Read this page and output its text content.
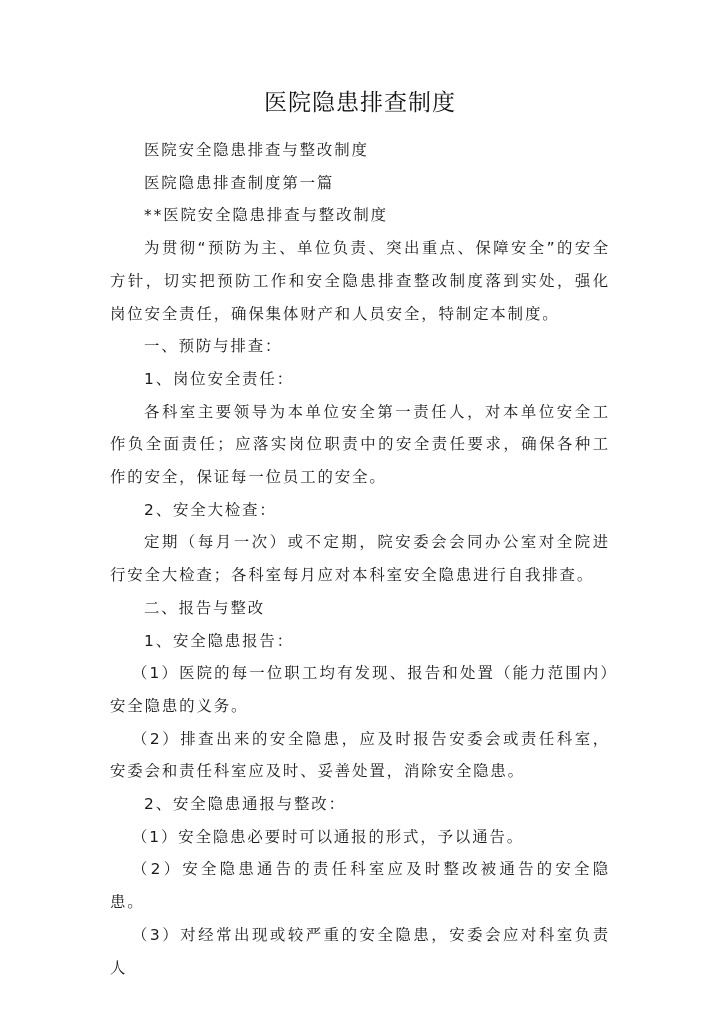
医院隐患排查制度

医院安全隐患排查与整改制度

医院隐患排查制度第一篇

**医院安全隐患排查与整改制度

为贯彻“预防为主、单位负责、突出重点、保障安全”的安全方针，切实把预防工作和安全隐患排查整改制度落到实处，强化岗位安全责任，确保集体财产和人员安全，特制定本制度。

一、预防与排查：

1、岗位安全责任：

各科室主要领导为本单位安全第一责任人，对本单位安全工作负全面责任；应落实岗位职责中的安全责任要求，确保各种工作的安全，保证每一位员工的安全。

2、安全大检查：

定期（每月一次）或不定期，院安委会会同办公室对全院进行安全大检查；各科室每月应对本科室安全隐患进行自我排查。

二、报告与整改

1、安全隐患报告：

（1）医院的每一位职工均有发现、报告和处置（能力范围内）安全隐患的义务。

（2）排查出来的安全隐患，应及时报告安委会或责任科室，安委会和责任科室应及时、妥善处置，消除安全隐患。

2、安全隐患通报与整改：

（1）安全隐患必要时可以通报的形式，予以通告。

（2）安全隐患通告的责任科室应及时整改被通告的安全隐患。

（3）对经常出现或较严重的安全隐患，安委会应对科室负责人
